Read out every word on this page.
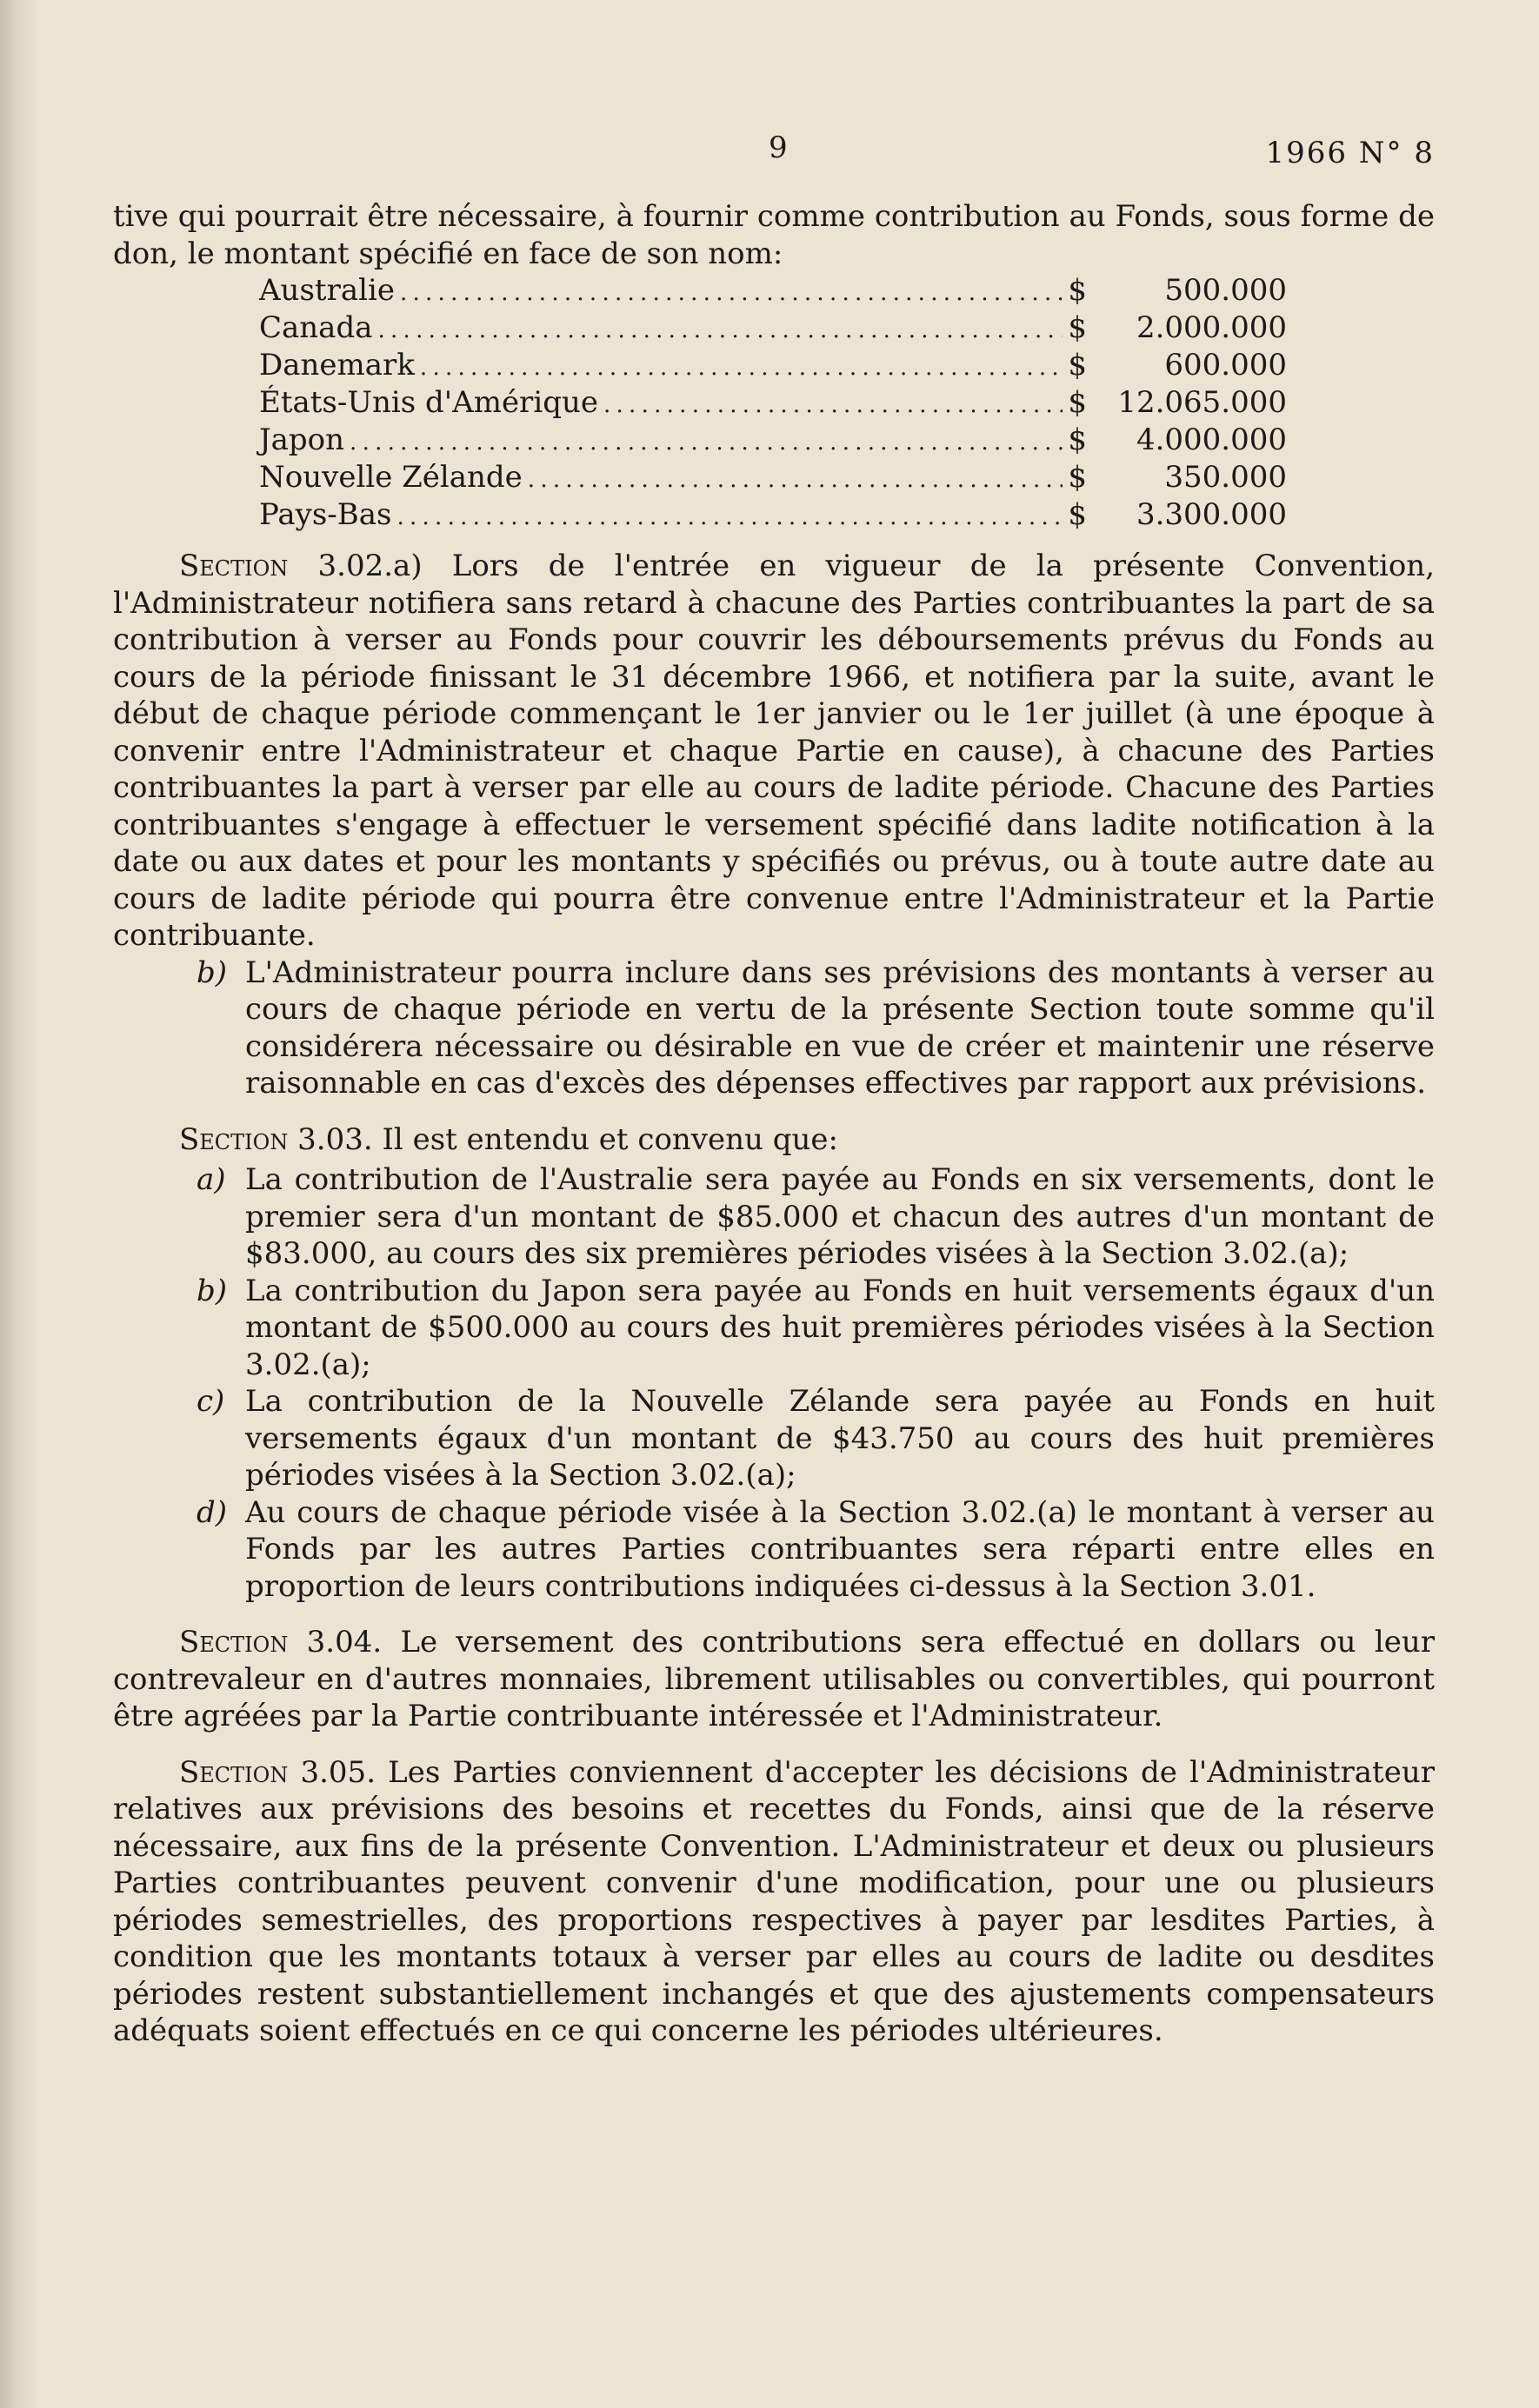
9	1966 N° 8

tive qui pourrait être nécessaire, à fournir comme contribution au Fonds, sous forme de don, le montant spécifié en face de son nom:

Australie . . .	$	500.000
Canada . . .	$	2.000.000
Danemark . . .	$	600.000
États-Unis d'Amérique . . .	$	12.065.000
Japon . . .	$	4.000.000
Nouvelle Zélande . . .	$	350.000
Pays-Bas . . .	$	3.300.000

Section 3.02.a) Lors de l'entrée en vigueur de la présente Convention, l'Administrateur notifiera sans retard à chacune des Parties contribuantes la part de sa contribution à verser au Fonds pour couvrir les déboursements prévus du Fonds au cours de la période finissant le 31 décembre 1966, et notifiera par la suite, avant le début de chaque période commençant le 1er janvier ou le 1er juillet (à une époque à convenir entre l'Administrateur et chaque Partie en cause), à chacune des Parties contribuantes la part à verser par elle au cours de ladite période. Chacune des Parties contribuantes s'engage à effectuer le versement spécifié dans ladite notification à la date ou aux dates et pour les montants y spécifiés ou prévus, ou à toute autre date au cours de ladite période qui pourra être convenue entre l'Administrateur et la Partie contribuante.

b) L'Administrateur pourra inclure dans ses prévisions des montants à verser au cours de chaque période en vertu de la présente Section toute somme qu'il considérera nécessaire ou désirable en vue de créer et maintenir une réserve raisonnable en cas d'excès des dépenses effectives par rapport aux prévisions.

Section 3.03. Il est entendu et convenu que:

a) La contribution de l'Australie sera payée au Fonds en six versements, dont le premier sera d'un montant de $85.000 et chacun des autres d'un montant de $83.000, au cours des six premières périodes visées à la Section 3.02.(a);

b) La contribution du Japon sera payée au Fonds en huit versements égaux d'un montant de $500.000 au cours des huit premières périodes visées à la Section 3.02.(a);

c) La contribution de la Nouvelle Zélande sera payée au Fonds en huit versements égaux d'un montant de $43.750 au cours des huit premières périodes visées à la Section 3.02.(a);

d) Au cours de chaque période visée à la Section 3.02.(a) le montant à verser au Fonds par les autres Parties contribuantes sera réparti entre elles en proportion de leurs contributions indiquées ci-dessus à la Section 3.01.

Section 3.04. Le versement des contributions sera effectué en dollars ou leur contrevaleur en d'autres monnaies, librement utilisables ou convertibles, qui pourront être agréées par la Partie contribuante intéressée et l'Administrateur.

Section 3.05. Les Parties conviennent d'accepter les décisions de l'Administrateur relatives aux prévisions des besoins et recettes du Fonds, ainsi que de la réserve nécessaire, aux fins de la présente Convention. L'Administrateur et deux ou plusieurs Parties contribuantes peuvent convenir d'une modification, pour une ou plusieurs périodes semestrielles, des proportions respectives à payer par lesdites Parties, à condition que les montants totaux à verser par elles au cours de ladite ou desdites périodes restent substantiellement inchangés et que des ajustements compensateurs adéquats soient effectués en ce qui concerne les périodes ultérieures.
